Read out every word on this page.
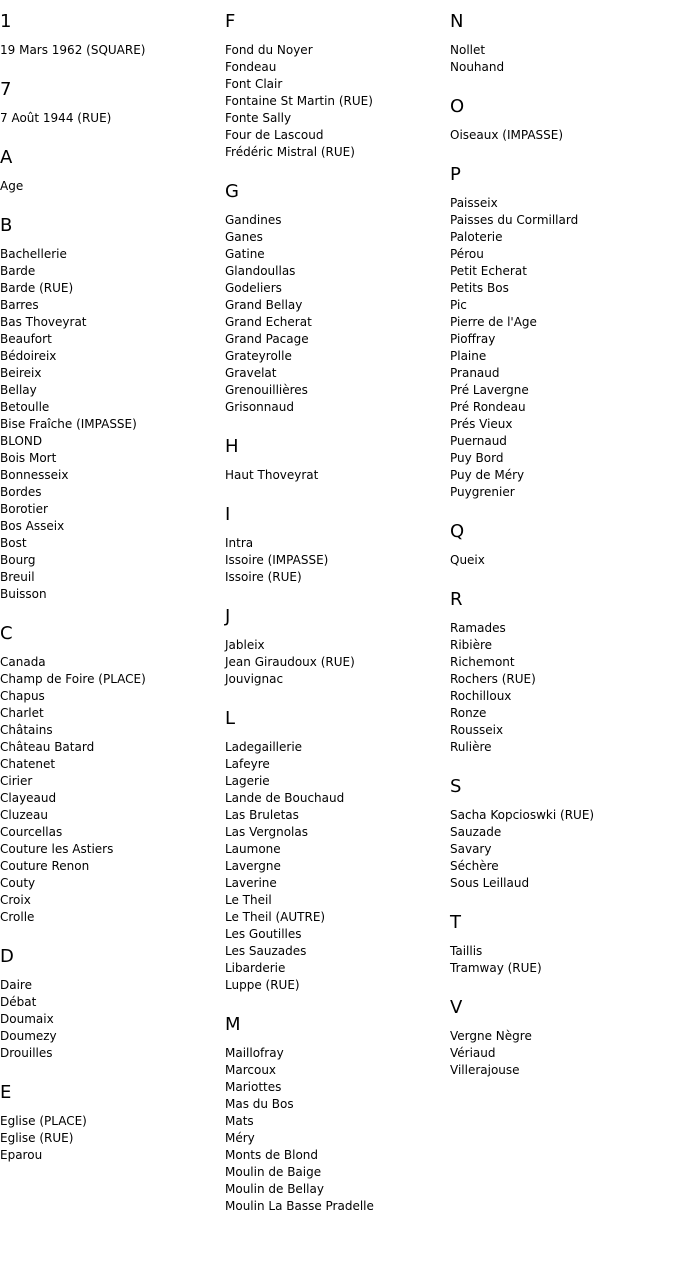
1
19 Mars 1962 (SQUARE)
7
7 Août 1944 (RUE)
A
Age
B
Bachellerie
Barde
Barde (RUE)
Barres
Bas Thoveyrat
Beaufort
Bédoireix
Beireix
Bellay
Betoulle
Bise Fraîche (IMPASSE)
BLOND
Bois Mort
Bonnesseix
Bordes
Borotier
Bos Asseix
Bost
Bourg
Breuil
Buisson
C
Canada
Champ de Foire (PLACE)
Chapus
Charlet
Châtains
Château Batard
Chatenet
Cirier
Clayeaud
Cluzeau
Courcellas
Couture les Astiers
Couture Renon
Couty
Croix
Crolle
D
Daire
Débat
Doumaix
Doumezy
Drouilles
E
Eglise (PLACE)
Eglise (RUE)
Eparou
F
Fond du Noyer
Fondeau
Font Clair
Fontaine St Martin (RUE)
Fonte Sally
Four de Lascoud
Frédéric Mistral (RUE)
G
Gandines
Ganes
Gatine
Glandoullas
Godeliers
Grand Bellay
Grand Echerat
Grand Pacage
Grateyrolle
Gravelat
Grenouillières
Grisonnaud
H
Haut Thoveyrat
I
Intra
Issoire (IMPASSE)
Issoire (RUE)
J
Jableix
Jean Giraudoux (RUE)
Jouvignac
L
Ladegaillerie
Lafeyre
Lagerie
Lande de Bouchaud
Las Bruletas
Las Vergnolas
Laumone
Lavergne
Laverine
Le Theil
Le Theil (AUTRE)
Les Goutilles
Les Sauzades
Libarderie
Luppe (RUE)
M
Maillofray
Marcoux
Mariottes
Mas du Bos
Mats
Méry
Monts de Blond
Moulin de Baige
Moulin de Bellay
Moulin La Basse Pradelle
N
Nollet
Nouhand
O
Oiseaux (IMPASSE)
P
Paisseix
Paisses du Cormillard
Paloterie
Pérou
Petit Echerat
Petits Bos
Pic
Pierre de l'Age
Pioffray
Plaine
Pranaud
Pré Lavergne
Pré Rondeau
Prés Vieux
Puernaud
Puy Bord
Puy de Méry
Puygrenier
Q
Queix
R
Ramades
Ribière
Richemont
Rochers (RUE)
Rochilloux
Ronze
Rousseix
Rulière
S
Sacha Kopcioswki (RUE)
Sauzade
Savary
Séchère
Sous Leillaud
T
Taillis
Tramway (RUE)
V
Vergne Nègre
Vériaud
Villerajouse
